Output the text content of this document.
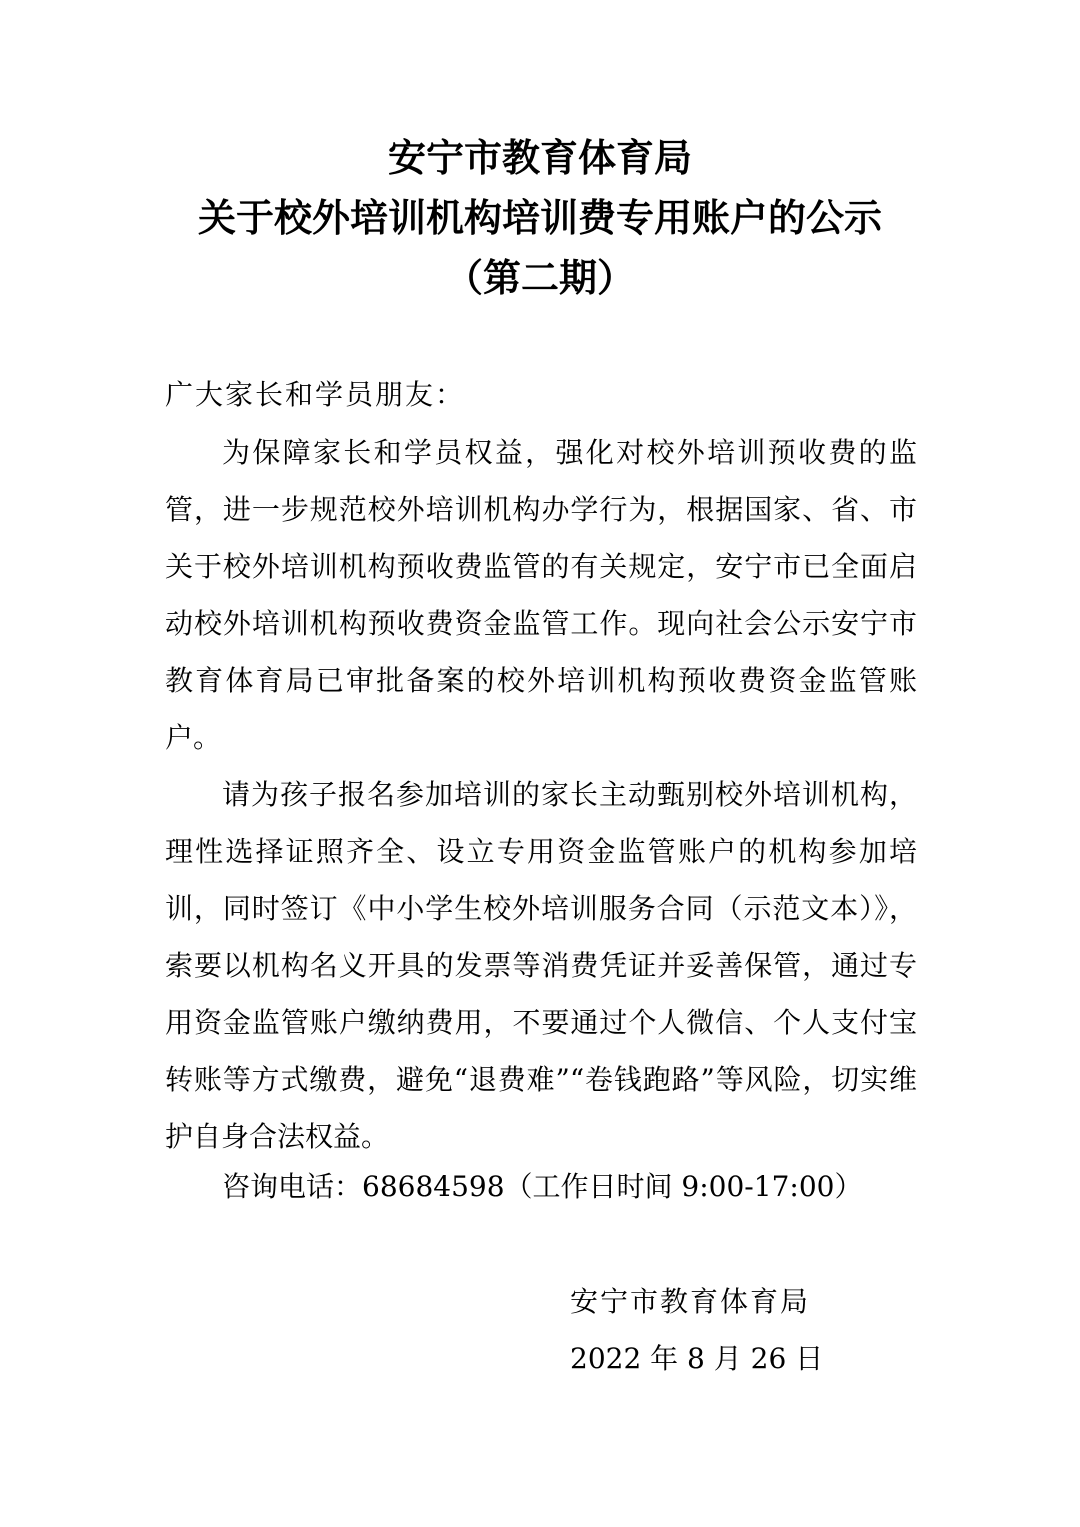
安宁市教育体育局
关于校外培训机构培训费专用账户的公示
（第二期）
广大家长和学员朋友：
为保障家长和学员权益，强化对校外培训预收费的监
管，进一步规范校外培训机构办学行为，根据国家、省、市
关于校外培训机构预收费监管的有关规定，安宁市已全面启
动校外培训机构预收费资金监管工作。现向社会公示安宁市
教育体育局已审批备案的校外培训机构预收费资金监管账
户。
请为孩子报名参加培训的家长主动甄别校外培训机构，
理性选择证照齐全、设立专用资金监管账户的机构参加培
训，同时签订《中小学生校外培训服务合同（示范文本）》，
索要以机构名义开具的发票等消费凭证并妥善保管，通过专
用资金监管账户缴纳费用，不要通过个人微信、个人支付宝
转账等方式缴费，避免“退费难”“卷钱跑路”等风险，切实维
护自身合法权益。
咨询电话：68684598（工作日时间 9:00-17:00）
安宁市教育体育局
2022 年 8 月 26 日
